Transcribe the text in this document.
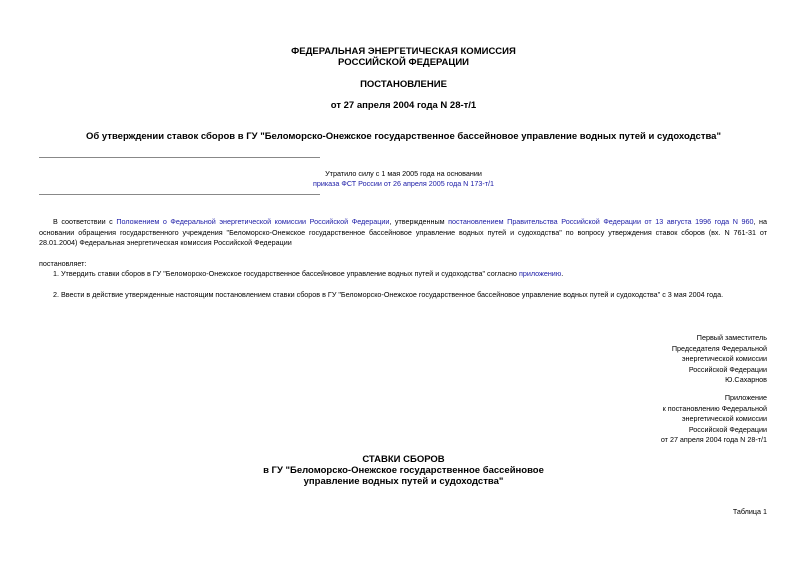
ФЕДЕРАЛЬНАЯ ЭНЕРГЕТИЧЕСКАЯ КОМИССИЯ
РОССИЙСКОЙ ФЕДЕРАЦИИ
ПОСТАНОВЛЕНИЕ
от 27 апреля 2004 года N 28-т/1
Об утверждении ставок сборов в ГУ "Беломорско-Онежское государственное бассейновое управление водных путей и судоходства"
Утратило силу с 1 мая 2005 года на основании
приказа ФСТ России от 26 апреля 2005 года N 173-т/1
В соответствии с Положением о Федеральной энергетической комиссии Российской Федерации, утвержденным постановлением Правительства Российской Федерации от 13 августа 1996 года N 960, на основании обращения государственного учреждения "Беломорско-Онежское государственное бассейновое управление водных путей и судоходства" по вопросу утверждения ставок сборов (вх. N 761-31 от 28.01.2004) Федеральная энергетическая комиссия Российской Федерации
постановляет:
1. Утвердить ставки сборов в ГУ "Беломорско-Онежское государственное бассейновое управление водных путей и судоходства" согласно приложению.
2. Ввести в действие утвержденные настоящим постановлением ставки сборов в ГУ "Беломорско-Онежское государственное бассейновое управление водных путей и судоходства" с 3 мая 2004 года.
Первый заместитель
Председателя Федеральной
энергетической комиссии
Российской Федерации
Ю.Сахарнов
Приложение
к постановлению Федеральной
энергетической комиссии
Российской Федерации
от 27 апреля 2004 года N 28-т/1
СТАВКИ СБОРОВ
в ГУ "Беломорско-Онежское государственное бассейновое
управление водных путей и судоходства"
Таблица 1
